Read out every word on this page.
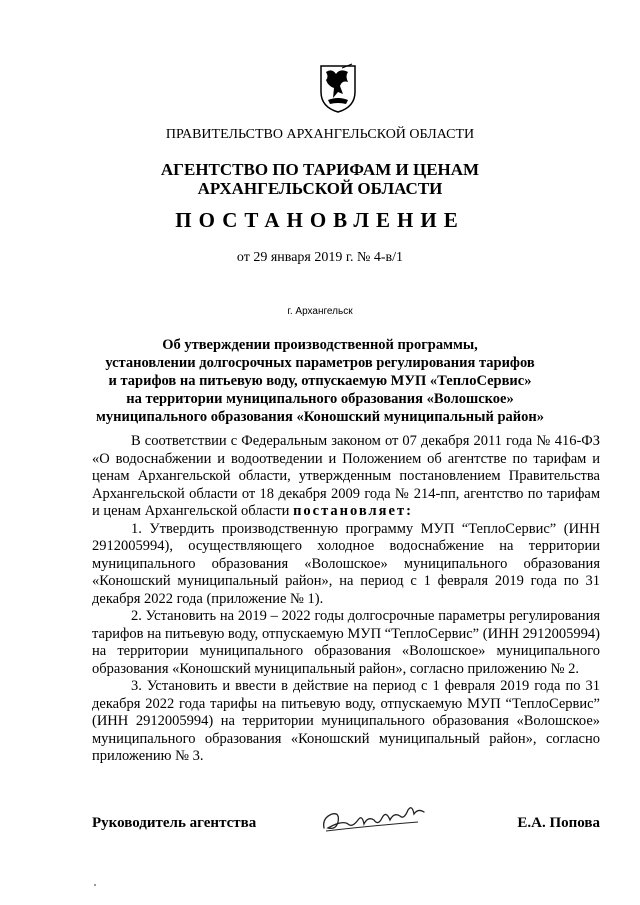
ПРАВИТЕЛЬСТВО АРХАНГЕЛЬСКОЙ ОБЛАСТИ
АГЕНТСТВО ПО ТАРИФАМ И ЦЕНАМ
АРХАНГЕЛЬСКОЙ ОБЛАСТИ
ПОСТАНОВЛЕНИЕ
от 29 января 2019 г. № 4-в/1
г. Архангельск
Об утверждении производственной программы,
установлении долгосрочных параметров регулирования тарифов
и тарифов на питьевую воду, отпускаемую МУП «ТеплоСервис»
на территории муниципального образования «Волошское»
муниципального образования «Коношский муниципальный район»

В соответствии с Федеральным законом от 07 декабря 2011 года № 416-ФЗ «О водоснабжении и водоотведении и Положением об агентстве по тарифам и ценам Архангельской области, утвержденным постановлением Правительства Архангельской области от 18 декабря 2009 года № 214-пп, агентство по тарифам и ценам Архангельской области постановляет:

1. Утвердить производственную программу МУП “ТеплоСервис” (ИНН 2912005994), осуществляющего холодное водоснабжение на территории муниципального образования «Волошское» муниципального образования «Коношский муниципальный район», на период с 1 февраля 2019 года по 31 декабря 2022 года (приложение № 1).

2. Установить на 2019 – 2022 годы долгосрочные параметры регулирования тарифов на питьевую воду, отпускаемую МУП “ТеплоСервис” (ИНН 2912005994) на территории муниципального образования «Волошское» муниципального образования «Коношский муниципальный район», согласно приложению № 2.

3. Установить и ввести в действие на период с 1 февраля 2019 года по 31 декабря 2022 года тарифы на питьевую воду, отпускаемую МУП “ТеплоСервис” (ИНН 2912005994) на территории муниципального образования «Волошское» муниципального образования «Коношский муниципальный район», согласно приложению № 3.

Руководитель агентства	Е.А. Попова
